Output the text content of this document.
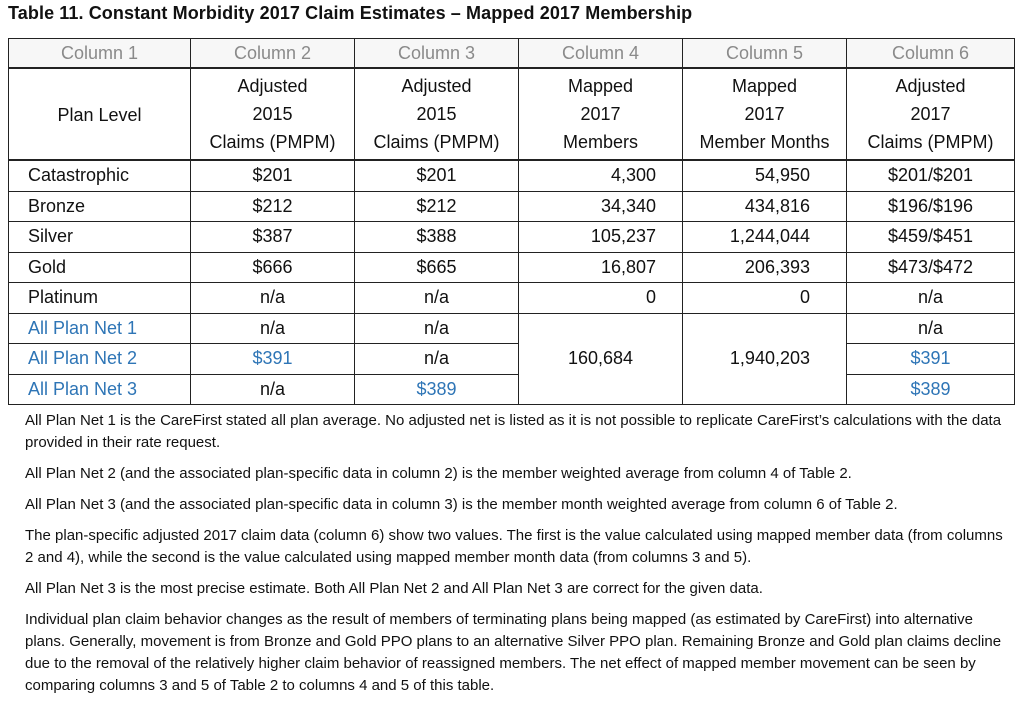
Table 11. Constant Morbidity 2017 Claim Estimates – Mapped 2017 Membership
Column 1	Column 2	Column 3	Column 4	Column 5	Column 6
Plan Level	Adjusted
2015
Claims (PMPM)	Adjusted
2015
Claims (PMPM)	Mapped
2017
Members	Mapped
2017
Member Months	Adjusted
2017
Claims (PMPM)
Catastrophic	$201	$201	4,300	54,950	$201/$201
Bronze	$212	$212	34,340	434,816	$196/$196
Silver	$387	$388	105,237	1,244,044	$459/$451
Gold	$666	$665	16,807	206,393	$473/$472
Platinum	n/a	n/a	0	0	n/a
All Plan Net 1	n/a	n/a	160,684	1,940,203	n/a
All Plan Net 2	$391	n/a			$391
All Plan Net 3	n/a	$389			$389

All Plan Net 1 is the CareFirst stated all plan average. No adjusted net is listed as it is not possible to replicate CareFirst’s calculations with the data provided in their rate request.

All Plan Net 2 (and the associated plan-specific data in column 2) is the member weighted average from column 4 of Table 2.

All Plan Net 3 (and the associated plan-specific data in column 3) is the member month weighted average from column 6 of Table 2.

The plan-specific adjusted 2017 claim data (column 6) show two values. The first is the value calculated using mapped member data (from columns 2 and 4), while the second is the value calculated using mapped member month data (from columns 3 and 5).

All Plan Net 3 is the most precise estimate. Both All Plan Net 2 and All Plan Net 3 are correct for the given data.

Individual plan claim behavior changes as the result of members of terminating plans being mapped (as estimated by CareFirst) into alternative plans. Generally, movement is from Bronze and Gold PPO plans to an alternative Silver PPO plan. Remaining Bronze and Gold plan claims decline due to the removal of the relatively higher claim behavior of reassigned members. The net effect of mapped member movement can be seen by comparing columns 3 and 5 of Table 2 to columns 4 and 5 of this table.
